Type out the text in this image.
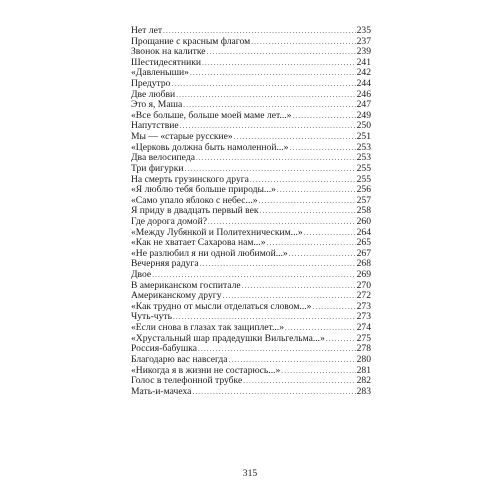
Нет лет .....	235
Прощание с красным флагом .....	237
Звонок на калитке .....	239
Шестидесятники .....	241
«Давленыши» .....	242
Предутро .....	244
Две любви .....	246
Это я, Маша .....	247
«Все больше, больше моей маме лет...» .....	249
Напутствие .....	250
Мы — «старые русские» .....	251
«Церковь должна быть намоленной...» .....	253
Два велосипеда .....	253
Три фигурки .....	255
На смерть грузинского друга .....	255
«Я люблю тебя больше природы...» .....	256
«Само упало яблоко с небес...» .....	257
Я приду в двадцать первый век .....	258
Где дорога домой? .....	260
«Между Лубянкой и Политехническим...» .....	264
«Как не хватает Сахарова нам...» .....	265
«Не разлюбил я ни одной любимой...» .....	267
Вечерняя радуга .....	268
Двое .....	269
В американском госпитале .....	270
Американскому другу .....	272
«Как трудно от мысли отделаться словом...» .....	273
Чуть-чуть .....	273
«Если снова в глазах так защиплет...» .....	274
«Хрустальный шар прадедушки Вильгельма...» .....	275
Россия-бабушка .....	278
Благодарю вас навсегда .....	280
«Никогда я в жизни не состарюсь...» .....	281
Голос в телефонной трубке .....	282
Мать-и-мачеха .....	283
315
